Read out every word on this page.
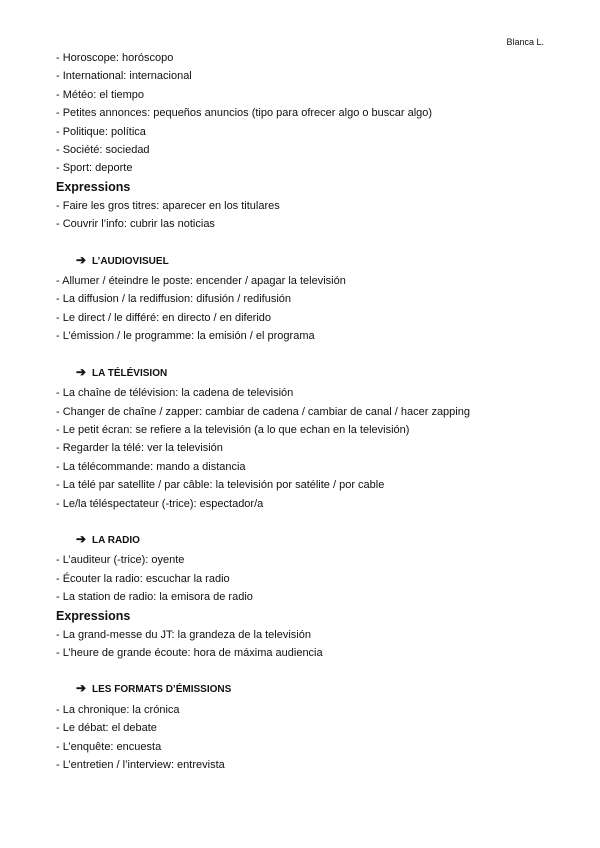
Blanca L.
- Horoscope: horóscopo
- International: internacional
- Météo: el tiempo
- Petites annonces: pequeños anuncios (tipo para ofrecer algo o buscar algo)
- Politique: política
- Société: sociedad
- Sport: deporte
Expressions
- Faire les gros titres: aparecer en los titulares
- Couvrir l’info: cubrir las noticias
➔ L’AUDIOVISUEL
- Allumer / éteindre le poste: encender / apagar la televisión
- La diffusion / la rediffusion: difusión / redifusión
- Le direct / le différé: en directo / en diferido
- L’émission / le programme: la emisión / el programa
➔ LA TÉLÉVISION
- La chaîne de télévision: la cadena de televisión
- Changer de chaîne / zapper: cambiar de cadena / cambiar de canal / hacer zapping
- Le petit écran: se refiere a la televisión (a lo que echan en la televisión)
- Regarder la télé: ver la televisión
- La télécommande: mando a distancia
- La télé par satellite / par câble: la televisión por satélite / por cable
- Le/la téléspectateur (-trice): espectador/a
➔ LA RADIO
- L’auditeur (-trice): oyente
- Écouter la radio: escuchar la radio
- La station de radio: la emisora de radio
Expressions
- La grand-messe du JT: la grandeza de la televisión
- L’heure de grande écoute: hora de máxima audiencia
➔ LES FORMATS D’ÉMISSIONS
- La chronique: la crónica
- Le débat: el debate
- L’enquête: encuesta
- L’entretien / l’interview: entrevista
